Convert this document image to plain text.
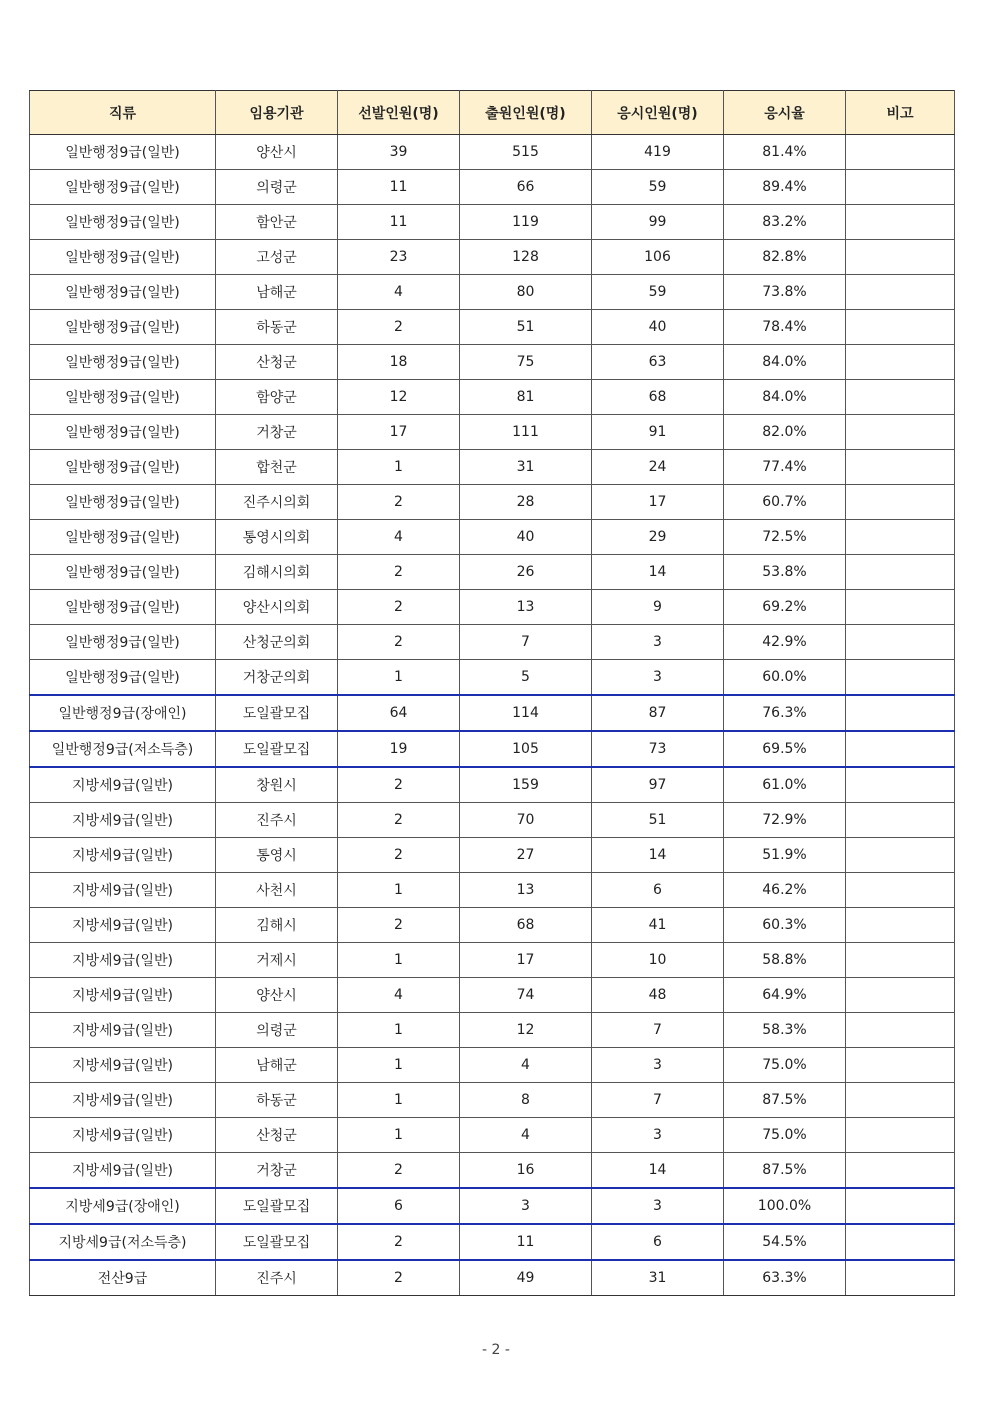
직류	임용기관	선발인원(명)	출원인원(명)	응시인원(명)	응시율	비고
일반행정9급(일반)	양산시	39	515	419	81.4%	
일반행정9급(일반)	의령군	11	66	59	89.4%	
일반행정9급(일반)	함안군	11	119	99	83.2%	
일반행정9급(일반)	고성군	23	128	106	82.8%	
일반행정9급(일반)	남해군	4	80	59	73.8%	
일반행정9급(일반)	하동군	2	51	40	78.4%	
일반행정9급(일반)	산청군	18	75	63	84.0%	
일반행정9급(일반)	함양군	12	81	68	84.0%	
일반행정9급(일반)	거창군	17	111	91	82.0%	
일반행정9급(일반)	합천군	1	31	24	77.4%	
일반행정9급(일반)	진주시의회	2	28	17	60.7%	
일반행정9급(일반)	통영시의회	4	40	29	72.5%	
일반행정9급(일반)	김해시의회	2	26	14	53.8%	
일반행정9급(일반)	양산시의회	2	13	9	69.2%	
일반행정9급(일반)	산청군의회	2	7	3	42.9%	
일반행정9급(일반)	거창군의회	1	5	3	60.0%	
일반행정9급(장애인)	도일괄모집	64	114	87	76.3%	
일반행정9급(저소득층)	도일괄모집	19	105	73	69.5%	
지방세9급(일반)	창원시	2	159	97	61.0%	
지방세9급(일반)	진주시	2	70	51	72.9%	
지방세9급(일반)	통영시	2	27	14	51.9%	
지방세9급(일반)	사천시	1	13	6	46.2%	
지방세9급(일반)	김해시	2	68	41	60.3%	
지방세9급(일반)	거제시	1	17	10	58.8%	
지방세9급(일반)	양산시	4	74	48	64.9%	
지방세9급(일반)	의령군	1	12	7	58.3%	
지방세9급(일반)	남해군	1	4	3	75.0%	
지방세9급(일반)	하동군	1	8	7	87.5%	
지방세9급(일반)	산청군	1	4	3	75.0%	
지방세9급(일반)	거창군	2	16	14	87.5%	
지방세9급(장애인)	도일괄모집	6	3	3	100.0%	
지방세9급(저소득층)	도일괄모집	2	11	6	54.5%	
전산9급	진주시	2	49	31	63.3%	
- 2 -
